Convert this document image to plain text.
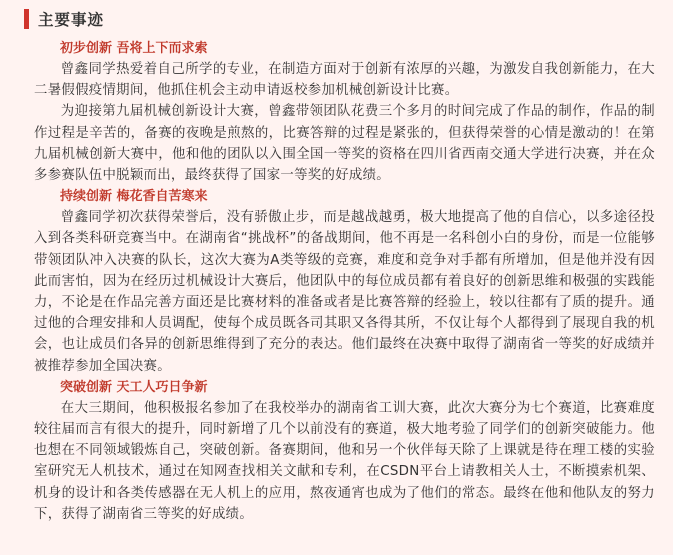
主要事迹
初步创新 吾将上下而求索

曾鑫同学热爱着自己所学的专业，在制造方面对于创新有浓厚的兴趣，为激发自我创新能力，在大二暑假假疫情期间，他抓住机会主动申请返校参加机械创新设计比赛。

为迎接第九届机械创新设计大赛，曾鑫带领团队花费三个多月的时间完成了作品的制作，作品的制作过程是辛苦的，备赛的夜晚是煎熬的，比赛答辩的过程是紧张的，但获得荣誉的心情是激动的！在第九届机械创新大赛中，他和他的团队以入围全国一等奖的资格在四川省西南交通大学进行决赛，并在众多参赛队伍中脱颖而出，最终获得了国家一等奖的好成绩。

持续创新 梅花香自苦寒来

曾鑫同学初次获得荣誉后，没有骄傲止步，而是越战越勇，极大地提高了他的自信心，以多途径投入到各类科研竞赛当中。在湖南省“挑战杯”的备战期间，他不再是一名科创小白的身份，而是一位能够带领团队冲入决赛的队长，这次大赛为A类等级的竞赛，难度和竞争对手都有所增加，但是他并没有因此而害怕，因为在经历过机械设计大赛后，他团队中的每位成员都有着良好的创新思维和极强的实践能力，不论是在作品完善方面还是比赛材料的准备或者是比赛答辩的经验上，较以往都有了质的提升。通过他的合理安排和人员调配，使每个成员既各司其职又各得其所，不仅让每个人都得到了展现自我的机会，也让成员们各异的创新思维得到了充分的表达。他们最终在决赛中取得了湖南省一等奖的好成绩并被推荐参加全国决赛。

突破创新 天工人巧日争新

在大三期间，他积极报名参加了在我校举办的湖南省工训大赛，此次大赛分为七个赛道，比赛难度较往届而言有很大的提升，同时新增了几个以前没有的赛道，极大地考验了同学们的创新突破能力。他也想在不同领域锻炼自己，突破创新。备赛期间，他和另一个伙伴每天除了上课就是待在理工楼的实验室研究无人机技术，通过在知网查找相关文献和专利，在CSDN平台上请教相关人士，不断摸索机架、机身的设计和各类传感器在无人机上的应用，熬夜通宵也成为了他们的常态。最终在他和他队友的努力下，获得了湖南省三等奖的好成绩。
